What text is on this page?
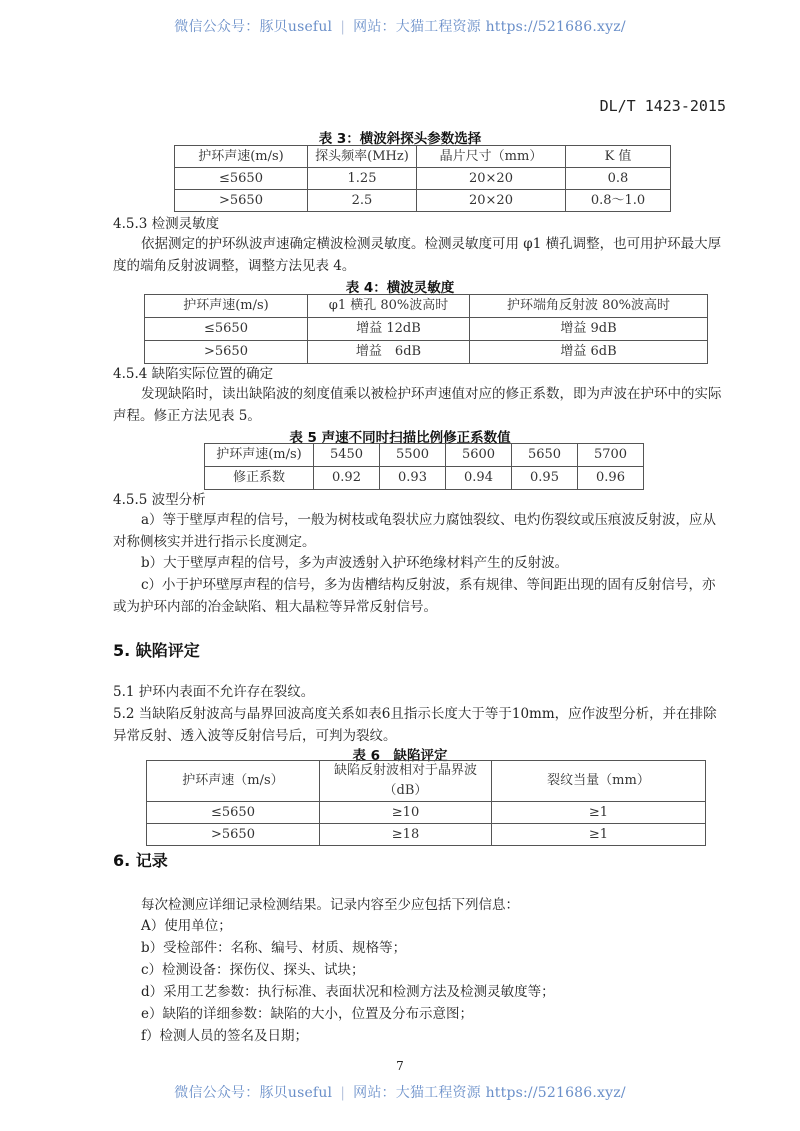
微信公众号：豚贝useful | 网站：大猫工程资源 https://521686.xyz/
DL/T 1423-2015
表 3：横波斜探头参数选择
护环声速(m/s)	探头频率(MHz)	晶片尺寸（mm）	K 值
≤5650	1.25	20×20	0.8
>5650	2.5	20×20	0.8～1.0
4.5.3 检测灵敏度
依据测定的护环纵波声速确定横波检测灵敏度。检测灵敏度可用 φ1 横孔调整，也可用护环最大厚度的端角反射波调整，调整方法见表 4。
表 4：横波灵敏度
护环声速(m/s)	φ1 横孔 80%波高时	护环端角反射波 80%波高时
≤5650	增益 12dB	增益 9dB
>5650	增益　6dB	增益 6dB
4.5.4 缺陷实际位置的确定
发现缺陷时，读出缺陷波的刻度值乘以被检护环声速值对应的修正系数，即为声波在护环中的实际声程。修正方法见表 5。
表 5 声速不同时扫描比例修正系数值
护环声速(m/s)	5450	5500	5600	5650	5700
修正系数	0.92	0.93	0.94	0.95	0.96
4.5.5 波型分析
a）等于壁厚声程的信号，一般为树枝或龟裂状应力腐蚀裂纹、电灼伤裂纹或压痕波反射波，应从对称侧核实并进行指示长度测定。
b）大于壁厚声程的信号，多为声波透射入护环绝缘材料产生的反射波。
c）小于护环壁厚声程的信号，多为齿槽结构反射波，系有规律、等间距出现的固有反射信号，亦或为护环内部的冶金缺陷、粗大晶粒等异常反射信号。
5. 缺陷评定
5.1 护环内表面不允许存在裂纹。
5.2 当缺陷反射波高与晶界回波高度关系如表6且指示长度大于等于10mm，应作波型分析，并在排除异常反射、透入波等反射信号后，可判为裂纹。
表 6　缺陷评定
护环声速（m/s）	缺陷反射波相对于晶界波（dB）	裂纹当量（mm）
≤5650	≥10	≥1
>5650	≥18	≥1
6. 记录
每次检测应详细记录检测结果。记录内容至少应包括下列信息：
A）使用单位；
b）受检部件：名称、编号、材质、规格等；
c）检测设备：探伤仪、探头、试块；
d）采用工艺参数：执行标准、表面状况和检测方法及检测灵敏度等；
e）缺陷的详细参数：缺陷的大小，位置及分布示意图；
f）检测人员的签名及日期；
7
微信公众号：豚贝useful | 网站：大猫工程资源 https://521686.xyz/
